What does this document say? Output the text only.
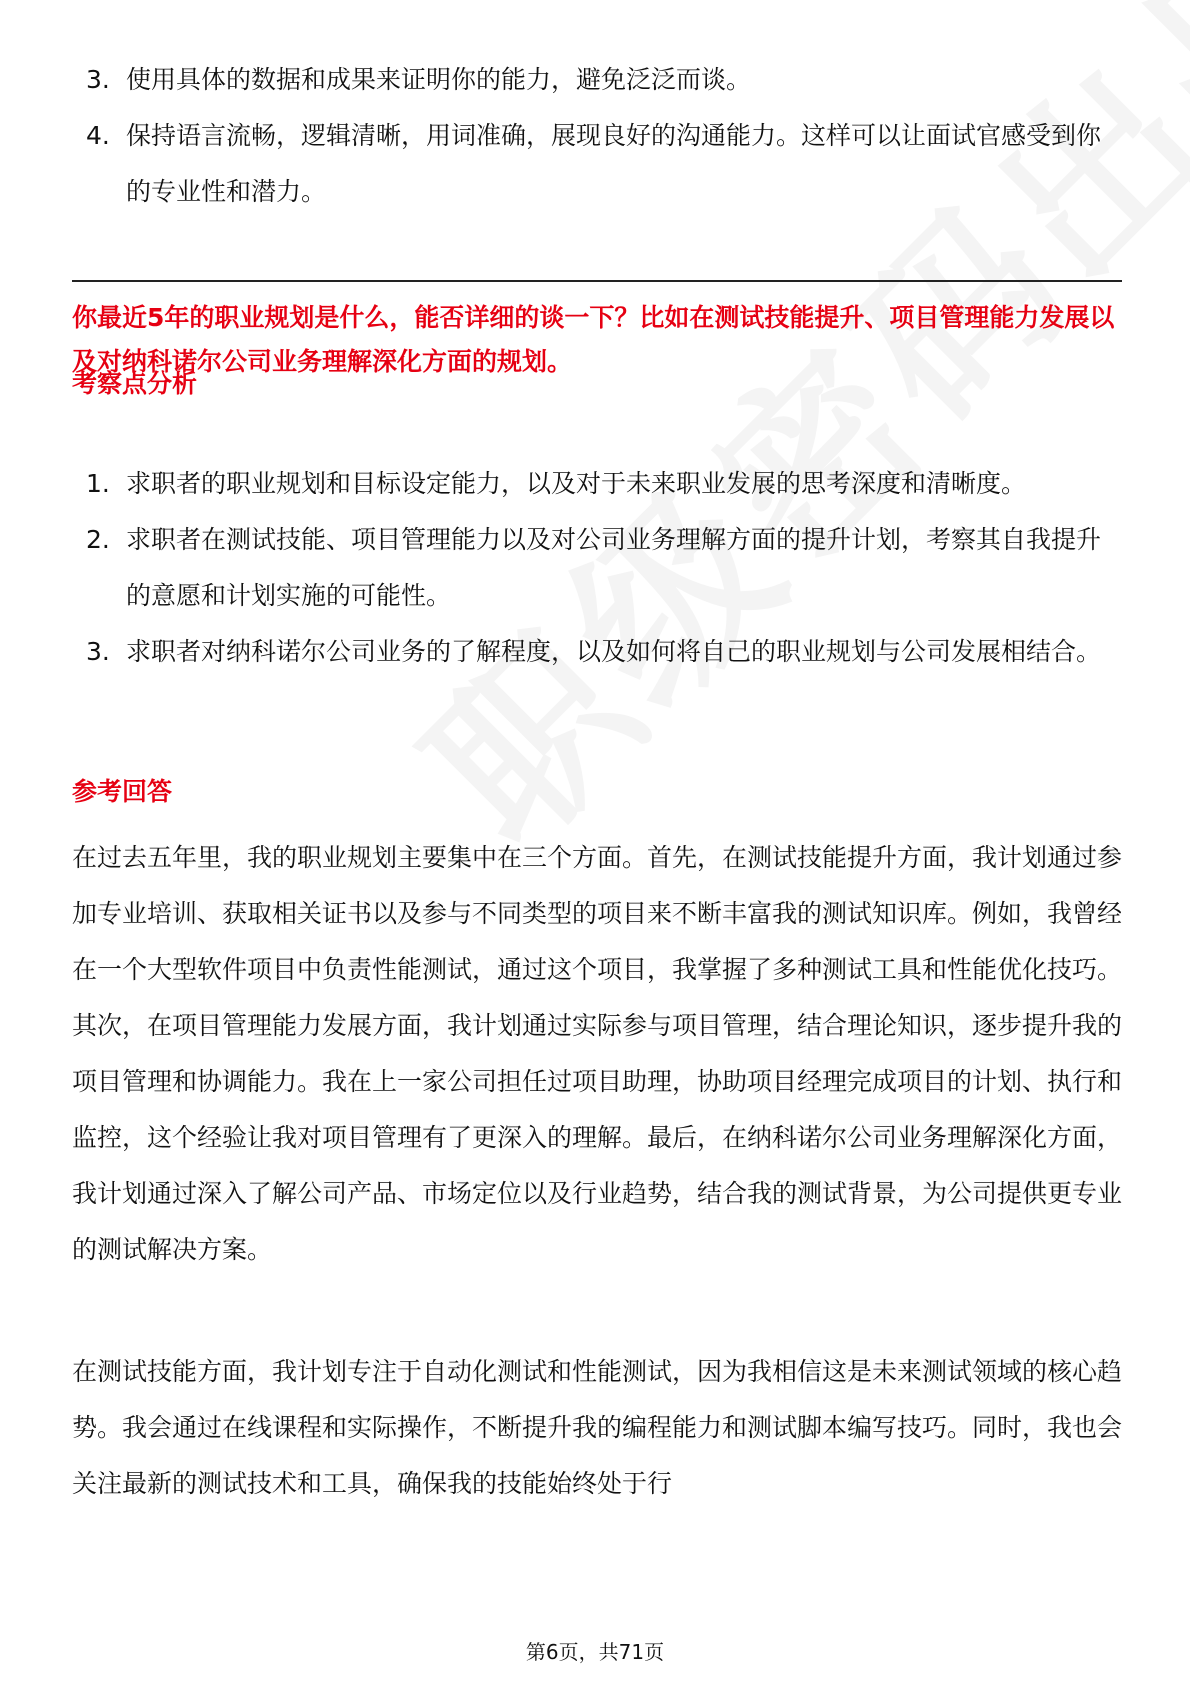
3. 使用具体的数据和成果来证明你的能力，避免泛泛而谈。
4. 保持语言流畅，逻辑清晰，用词准确，展现良好的沟通能力。这样可以让面试官感受到你的专业性和潜力。
你最近5年的职业规划是什么，能否详细的谈一下？比如在测试技能提升、项目管理能力发展以及对纳科诺尔公司业务理解深化方面的规划。
考察点分析
1. 求职者的职业规划和目标设定能力，以及对于未来职业发展的思考深度和清晰度。
2. 求职者在测试技能、项目管理能力以及对公司业务理解方面的提升计划，考察其自我提升的意愿和计划实施的可能性。
3. 求职者对纳科诺尔公司业务的了解程度，以及如何将自己的职业规划与公司发展相结合。
参考回答

在过去五年里，我的职业规划主要集中在三个方面。首先，在测试技能提升方面，我计划通过参加专业培训、获取相关证书以及参与不同类型的项目来不断丰富我的测试知识库。例如，我曾经在一个大型软件项目中负责性能测试，通过这个项目，我掌握了多种测试工具和性能优化技巧。其次，在项目管理能力发展方面，我计划通过实际参与项目管理，结合理论知识，逐步提升我的项目管理和协调能力。我在上一家公司担任过项目助理，协助项目经理完成项目的计划、执行和监控，这个经验让我对项目管理有了更深入的理解。最后，在纳科诺尔公司业务理解深化方面，我计划通过深入了解公司产品、市场定位以及行业趋势，结合我的测试背景，为公司提供更专业的测试解决方案。

在测试技能方面，我计划专注于自动化测试和性能测试，因为我相信这是未来测试领域的核心趋势。我会通过在线课程和实际操作，不断提升我的编程能力和测试脚本编写技巧。同时，我也会关注最新的测试技术和工具，确保我的技能始终处于行

第6页，共71页
